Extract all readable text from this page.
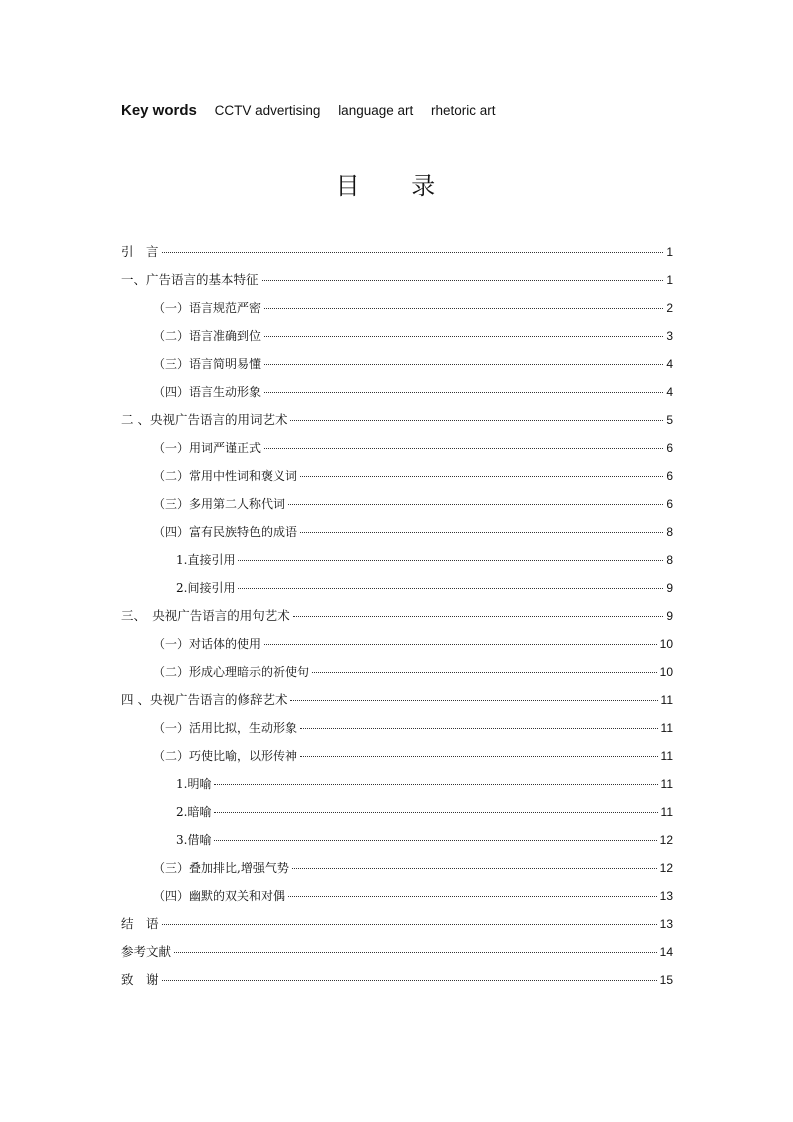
Key words CCTV advertising language art rhetoric art
目 录
引　言	1
一、广告语言的基本特征	1
（一）语言规范严密	2
（二）语言准确到位	3
（三）语言简明易懂	4
（四）语言生动形象	4
二 、央视广告语言的用词艺术	5
（一）用词严谨正式	6
（二）常用中性词和褒义词	6
（三）多用第二人称代词	6
（四）富有民族特色的成语	8
1.直接引用	8
2.间接引用	9
三、　央视广告语言的用句艺术	9
（一）对话体的使用	10
（二）形成心理暗示的祈使句	10
四 、央视广告语言的修辞艺术	11
（一）活用比拟，生动形象	11
（二）巧使比喻，以形传神	11
1.明喻	11
2.暗喻	11
3.借喻	12
（三）叠加排比,增强气势	12
（四）幽默的双关和对偶	13
结　语	13
参考文献	14
致　谢	15
